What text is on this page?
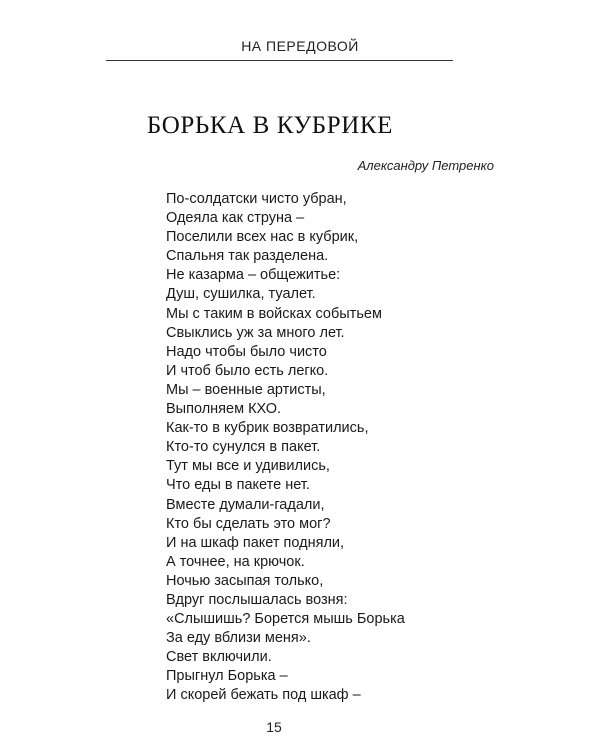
НА ПЕРЕДОВОЙ
БОРЬКА В КУБРИКЕ
Александру Петренко
По-солдатски чисто убран,
Одеяла как струна –
Поселили всех нас в кубрик,
Спальня так разделена.
Не казарма – общежитье:
Душ, сушилка, туалет.
Мы с таким в войсках событьем
Свыклись уж за много лет.
Надо чтобы было чисто
И чтоб было есть легко.
Мы – военные артисты,
Выполняем КХО.
Как-то в кубрик возвратились,
Кто-то сунулся в пакет.
Тут мы все и удивились,
Что еды в пакете нет.
Вместе думали-гадали,
Кто бы сделать это мог?
И на шкаф пакет подняли,
А точнее, на крючок.
Ночью засыпая только,
Вдруг послышалась возня:
«Слышишь? Борется мышь Борька
За еду вблизи меня».
Свет включили.
Прыгнул Борька –
И скорей бежать под шкаф –
15
